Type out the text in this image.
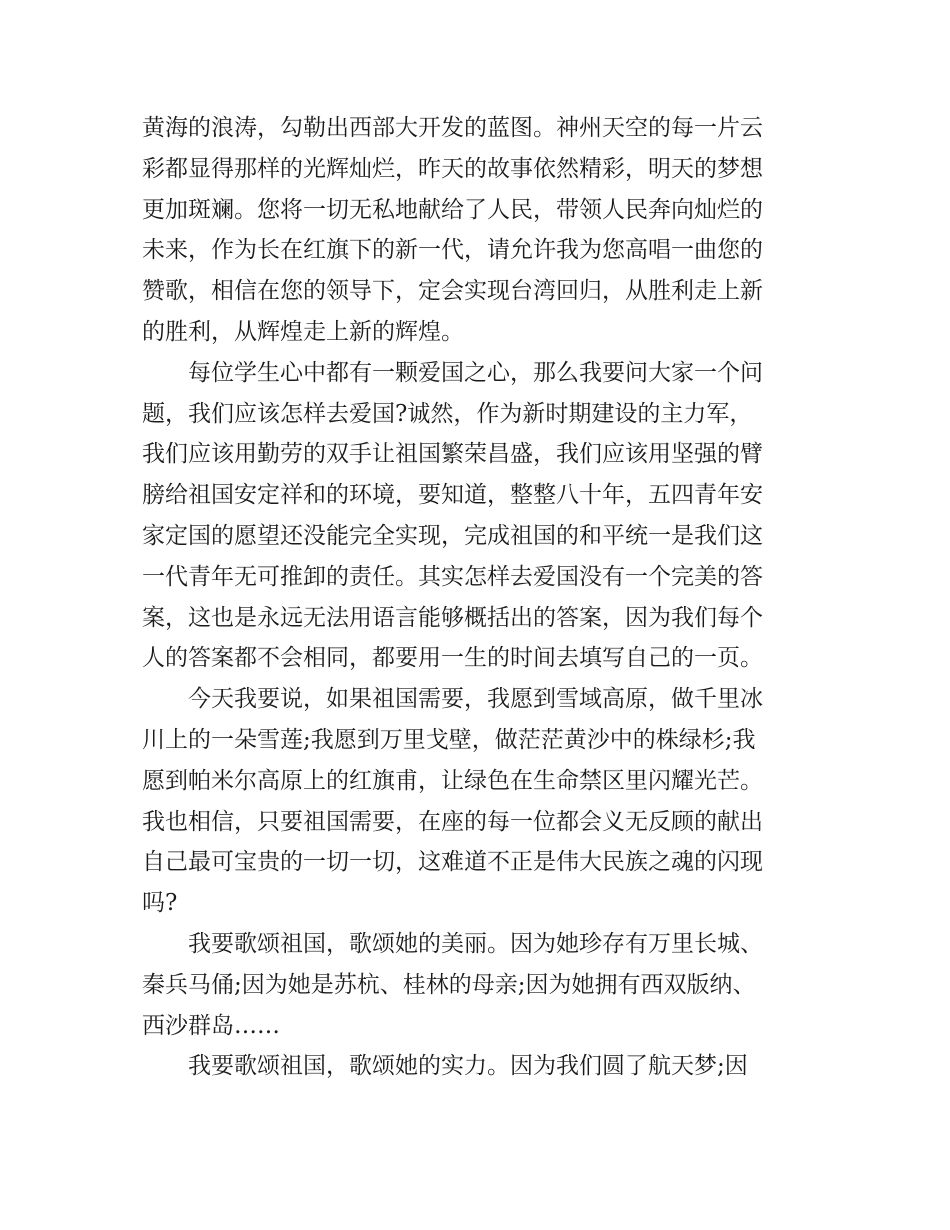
黄海的浪涛，勾勒出西部大开发的蓝图。神州天空的每一片云
彩都显得那样的光辉灿烂，昨天的故事依然精彩，明天的梦想
更加斑斓。您将一切无私地献给了人民，带领人民奔向灿烂的
未来，作为长在红旗下的新一代，请允许我为您高唱一曲您的
赞歌，相信在您的领导下，定会实现台湾回归，从胜利走上新
的胜利，从辉煌走上新的辉煌。
每位学生心中都有一颗爱国之心，那么我要问大家一个问
题，我们应该怎样去爱国?诚然，作为新时期建设的主力军，
我们应该用勤劳的双手让祖国繁荣昌盛，我们应该用坚强的臂
膀给祖国安定祥和的环境，要知道，整整八十年，五四青年安
家定国的愿望还没能完全实现，完成祖国的和平统一是我们这
一代青年无可推卸的责任。其实怎样去爱国没有一个完美的答
案，这也是永远无法用语言能够概括出的答案，因为我们每个
人的答案都不会相同，都要用一生的时间去填写自己的一页。
今天我要说，如果祖国需要，我愿到雪域高原，做千里冰
川上的一朵雪莲;我愿到万里戈壁，做茫茫黄沙中的株绿杉;我
愿到帕米尔高原上的红旗甫，让绿色在生命禁区里闪耀光芒。
我也相信，只要祖国需要，在座的每一位都会义无反顾的献出
自己最可宝贵的一切一切，这难道不正是伟大民族之魂的闪现
吗?
我要歌颂祖国，歌颂她的美丽。因为她珍存有万里长城、
秦兵马俑;因为她是苏杭、桂林的母亲;因为她拥有西双版纳、
西沙群岛……
我要歌颂祖国，歌颂她的实力。因为我们圆了航天梦;因
